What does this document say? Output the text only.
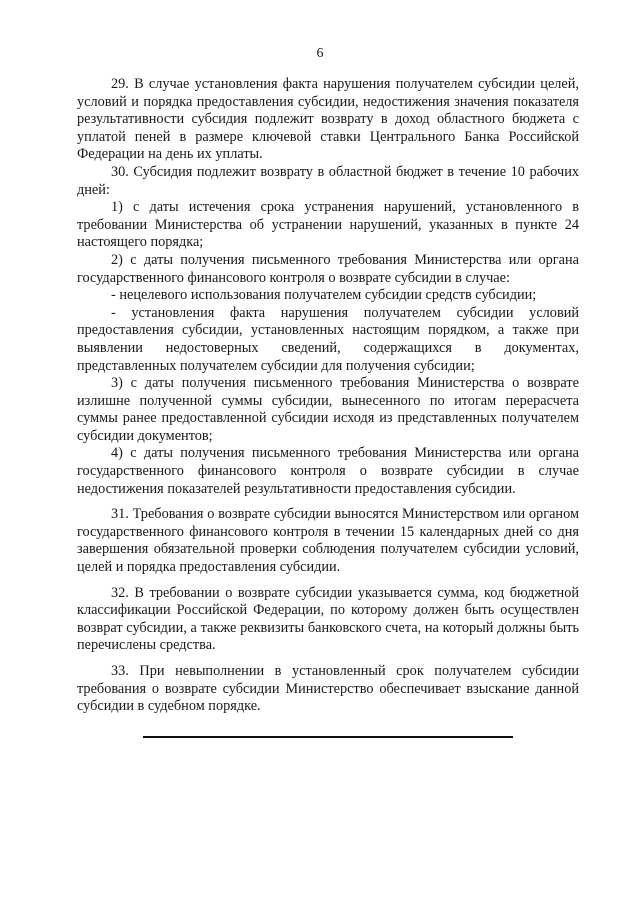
6

29. В случае установления факта нарушения получателем субсидии целей, условий и порядка предоставления субсидии, недостижения значения показателя результативности субсидия подлежит возврату в доход областного бюджета с уплатой пеней в размере ключевой ставки Центрального Банка Российской Федерации на день их уплаты.

30. Субсидия подлежит возврату в областной бюджет в течение 10 рабочих дней:

1) с даты истечения срока устранения нарушений, установленного в требовании Министерства об устранении нарушений, указанных в пункте 24 настоящего порядка;

2) с даты получения письменного требования Министерства или органа государственного финансового контроля о возврате субсидии в случае:

- нецелевого использования получателем субсидии средств субсидии;

- установления факта нарушения получателем субсидии условий предоставления субсидии, установленных настоящим порядком, а также при выявлении недостоверных сведений, содержащихся в документах, представленных получателем субсидии для получения субсидии;

3) с даты получения письменного требования Министерства о возврате излишне полученной суммы субсидии, вынесенного по итогам перерасчета суммы ранее предоставленной субсидии исходя из представленных получателем субсидии документов;

4) с даты получения письменного требования Министерства или органа государственного финансового контроля о возврате субсидии в случае недостижения показателей результативности предоставления субсидии.

31. Требования о возврате субсидии выносятся Министерством или органом государственного финансового контроля в течении 15 календарных дней со дня завершения обязательной проверки соблюдения получателем субсидии условий, целей и порядка предоставления субсидии.

32. В требовании о возврате субсидии указывается сумма, код бюджетной классификации Российской Федерации, по которому должен быть осуществлен возврат субсидии, а также реквизиты банковского счета, на который должны быть перечислены средства.

33. При невыполнении в установленный срок получателем субсидии требования о возврате субсидии Министерство обеспечивает взыскание данной субсидии в судебном порядке.
